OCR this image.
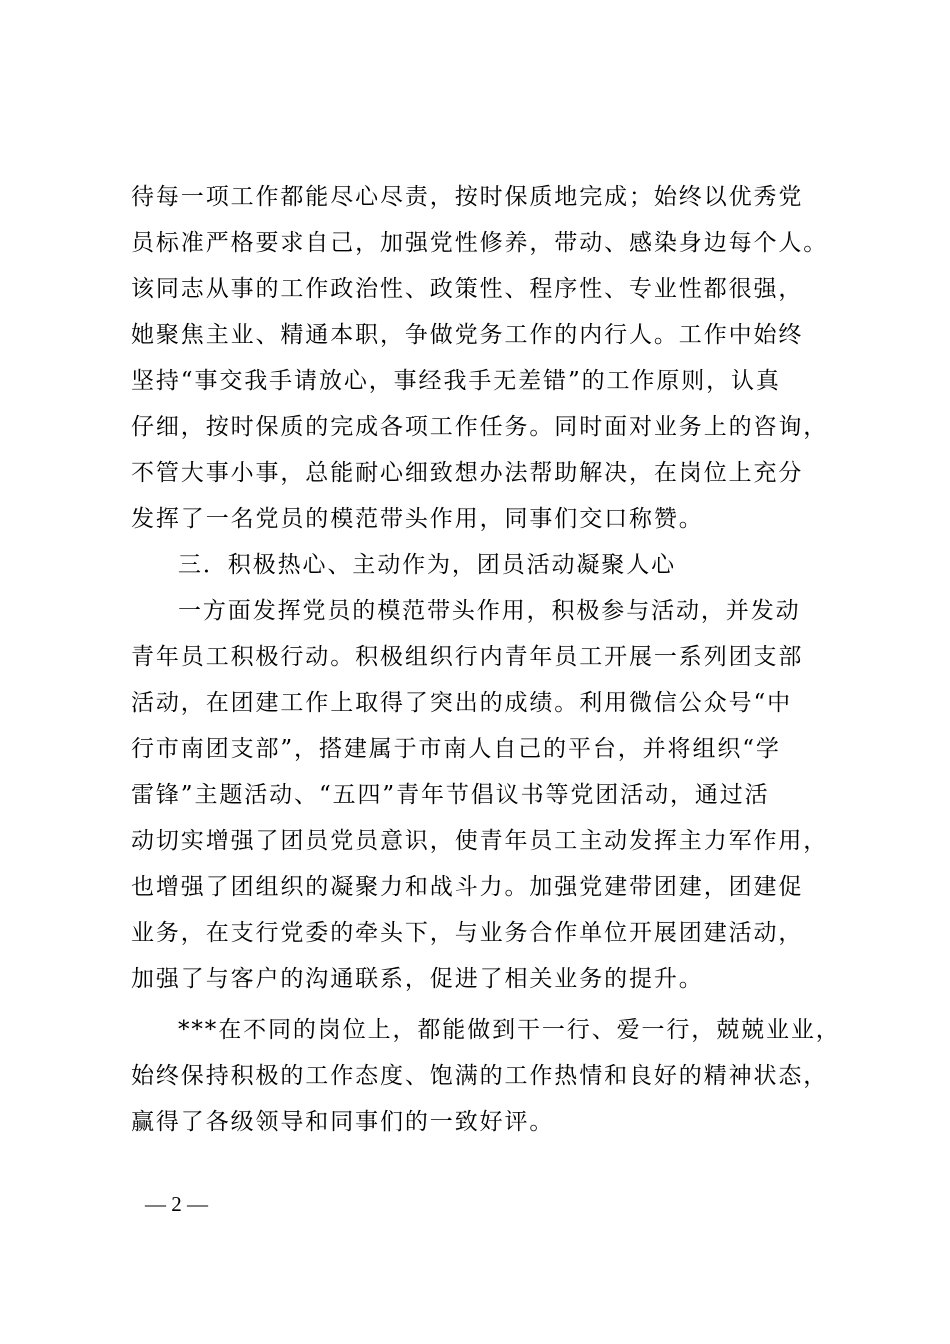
待每一项工作都能尽心尽责，按时保质地完成；始终以优秀党
员标准严格要求自己，加强党性修养，带动、感染身边每个人。
该同志从事的工作政治性、政策性、程序性、专业性都很强，
她聚焦主业、精通本职，争做党务工作的内行人。工作中始终
坚持“事交我手请放心，事经我手无差错”的工作原则，认真
仔细，按时保质的完成各项工作任务。同时面对业务上的咨询，
不管大事小事，总能耐心细致想办法帮助解决，在岗位上充分
发挥了一名党员的模范带头作用，同事们交口称赞。
三．积极热心、主动作为，团员活动凝聚人心
一方面发挥党员的模范带头作用，积极参与活动，并发动
青年员工积极行动。积极组织行内青年员工开展一系列团支部
活动，在团建工作上取得了突出的成绩。利用微信公众号“中
行市南团支部”，搭建属于市南人自己的平台，并将组织“学
雷锋”主题活动、“五四”青年节倡议书等党团活动，通过活
动切实增强了团员党员意识，使青年员工主动发挥主力军作用，
也增强了团组织的凝聚力和战斗力。加强党建带团建，团建促
业务，在支行党委的牵头下，与业务合作单位开展团建活动，
加强了与客户的沟通联系，促进了相关业务的提升。
***在不同的岗位上，都能做到干一行、爱一行，兢兢业业，
始终保持积极的工作态度、饱满的工作热情和良好的精神状态，
赢得了各级领导和同事们的一致好评。
— 2 —
